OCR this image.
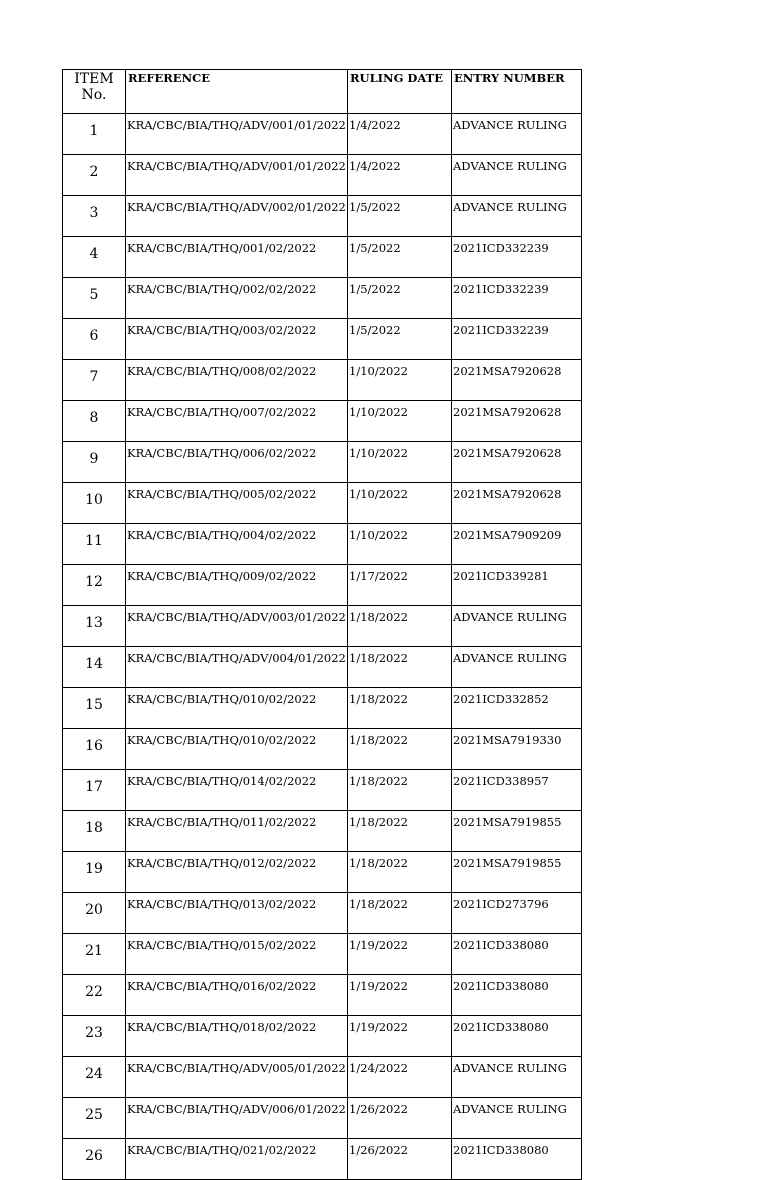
ITEM
No.	REFERENCE	RULING DATE	ENTRY NUMBER
1	KRA/CBC/BIA/THQ/ADV/001/01/2022	1/4/2022	ADVANCE RULING
2	KRA/CBC/BIA/THQ/ADV/001/01/2022	1/4/2022	ADVANCE RULING
3	KRA/CBC/BIA/THQ/ADV/002/01/2022	1/5/2022	ADVANCE RULING
4	KRA/CBC/BIA/THQ/001/02/2022	1/5/2022	2021ICD332239
5	KRA/CBC/BIA/THQ/002/02/2022	1/5/2022	2021ICD332239
6	KRA/CBC/BIA/THQ/003/02/2022	1/5/2022	2021ICD332239
7	KRA/CBC/BIA/THQ/008/02/2022	1/10/2022	2021MSA7920628
8	KRA/CBC/BIA/THQ/007/02/2022	1/10/2022	2021MSA7920628
9	KRA/CBC/BIA/THQ/006/02/2022	1/10/2022	2021MSA7920628
10	KRA/CBC/BIA/THQ/005/02/2022	1/10/2022	2021MSA7920628
11	KRA/CBC/BIA/THQ/004/02/2022	1/10/2022	2021MSA7909209
12	KRA/CBC/BIA/THQ/009/02/2022	1/17/2022	2021ICD339281
13	KRA/CBC/BIA/THQ/ADV/003/01/2022	1/18/2022	ADVANCE RULING
14	KRA/CBC/BIA/THQ/ADV/004/01/2022	1/18/2022	ADVANCE RULING
15	KRA/CBC/BIA/THQ/010/02/2022	1/18/2022	2021ICD332852
16	KRA/CBC/BIA/THQ/010/02/2022	1/18/2022	2021MSA7919330
17	KRA/CBC/BIA/THQ/014/02/2022	1/18/2022	2021ICD338957
18	KRA/CBC/BIA/THQ/011/02/2022	1/18/2022	2021MSA7919855
19	KRA/CBC/BIA/THQ/012/02/2022	1/18/2022	2021MSA7919855
20	KRA/CBC/BIA/THQ/013/02/2022	1/18/2022	2021ICD273796
21	KRA/CBC/BIA/THQ/015/02/2022	1/19/2022	2021ICD338080
22	KRA/CBC/BIA/THQ/016/02/2022	1/19/2022	2021ICD338080
23	KRA/CBC/BIA/THQ/018/02/2022	1/19/2022	2021ICD338080
24	KRA/CBC/BIA/THQ/ADV/005/01/2022	1/24/2022	ADVANCE RULING
25	KRA/CBC/BIA/THQ/ADV/006/01/2022	1/26/2022	ADVANCE RULING
26	KRA/CBC/BIA/THQ/021/02/2022	1/26/2022	2021ICD338080
